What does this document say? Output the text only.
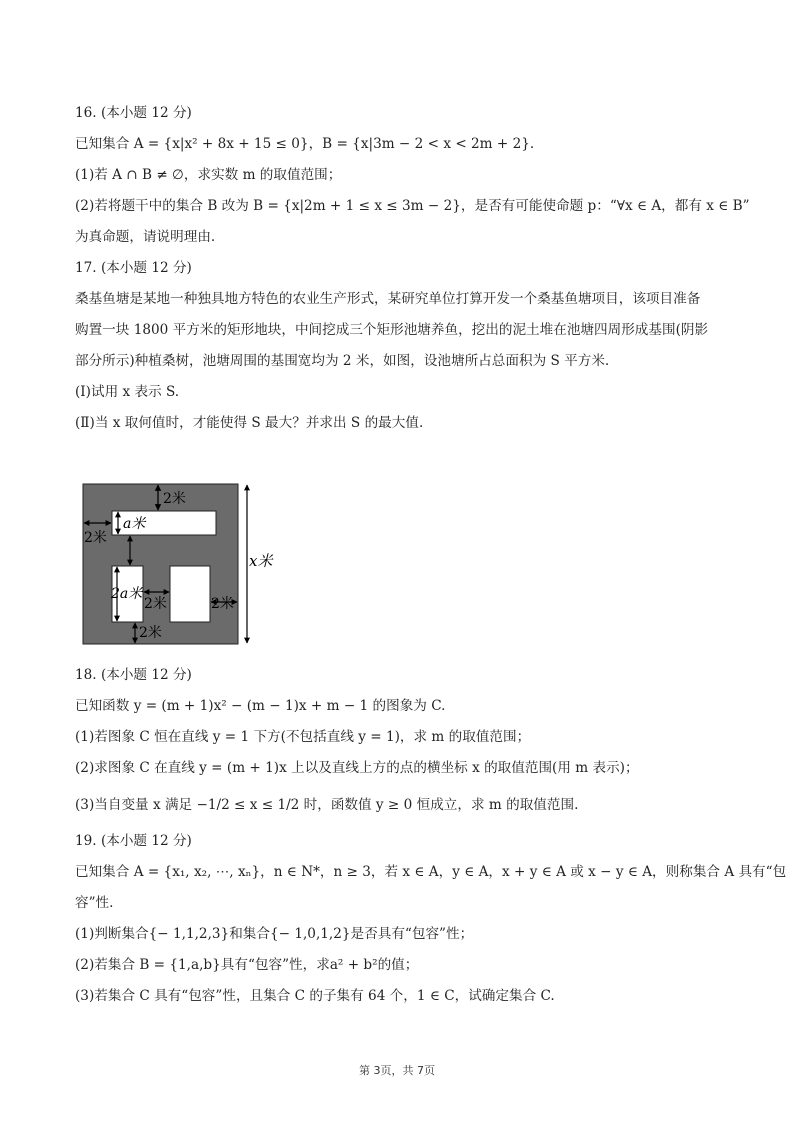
16. (本小题 12 分)
已知集合 A = {x|x² + 8x + 15 ≤ 0}，B = {x|3m − 2 < x < 2m + 2}.
(1)若 A ∩ B ≠ ∅，求实数 m 的取值范围；
(2)若将题干中的集合 B 改为 B = {x|2m + 1 ≤ x ≤ 3m − 2}，是否有可能使命题 p：“∀x ∈ A，都有 x ∈ B”
为真命题，请说明理由.
17. (本小题 12 分)
桑基鱼塘是某地一种独具地方特色的农业生产形式，某研究单位打算开发一个桑基鱼塘项目，该项目准备
购置一块 1800 平方米的矩形地块，中间挖成三个矩形池塘养鱼，挖出的泥土堆在池塘四周形成基围(阴影
部分所示)种植桑树，池塘周围的基围宽均为 2 米，如图，设池塘所占总面积为 S 平方米.
(Ⅰ)试用 x 表示 S.
(Ⅱ)当 x 取何值时，才能使得 S 最大？并求出 S 的最大值.
2米
a米
2米
2a米
2米	2米
2米
x米
18. (本小题 12 分)
已知函数 y = (m + 1)x² − (m − 1)x + m − 1 的图象为 C.
(1)若图象 C 恒在直线 y = 1 下方(不包括直线 y = 1)，求 m 的取值范围；
(2)求图象 C 在直线 y = (m + 1)x 上以及直线上方的点的横坐标 x 的取值范围(用 m 表示)；
(3)当自变量 x 满足 −1/2 ≤ x ≤ 1/2 时，函数值 y ≥ 0 恒成立，求 m 的取值范围.
19. (本小题 12 分)
已知集合 A = {x₁, x₂, ⋯, xₙ}，n ∈ N*，n ≥ 3，若 x ∈ A，y ∈ A，x + y ∈ A 或 x − y ∈ A，则称集合 A 具有“包
容”性.
(1)判断集合{− 1,1,2,3}和集合{− 1,0,1,2}是否具有“包容”性；
(2)若集合 B = {1,a,b}具有“包容”性，求a² + b²的值；
(3)若集合 C 具有“包容”性，且集合 C 的子集有 64 个，1 ∈ C，试确定集合 C.
第 3页，共 7页
